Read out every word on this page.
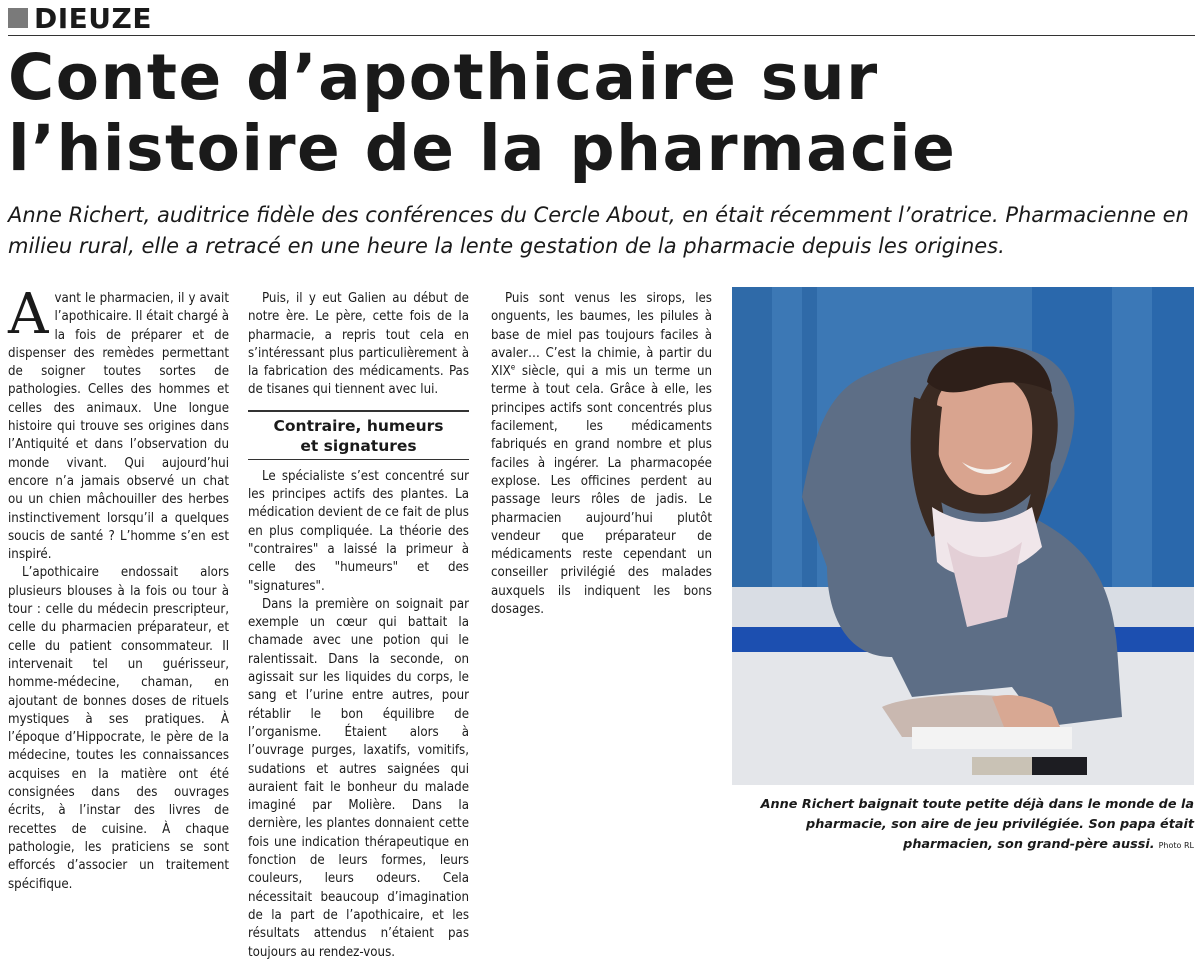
DIEUZE
Conte d’apothicaire sur
l’histoire de la pharmacie
Anne Richert, auditrice fidèle des conférences du Cercle About, en était récemment l’oratrice. Pharmacienne en milieu rural, elle a retracé en une heure la lente gestation de la pharmacie depuis les origines.

Avant le pharmacien, il y avait l’apothicaire. Il était chargé à la fois de préparer et de dispenser des remèdes permettant de soigner toutes sortes de pathologies. Celles des hommes et celles des animaux. Une longue histoire qui trouve ses origines dans l’Antiquité et dans l’observation du monde vivant. Qui aujourd’hui encore n’a jamais observé un chat ou un chien mâchouiller des herbes instinctivement lorsqu’il a quelques soucis de santé ? L’homme s’en est inspiré.

L’apothicaire endossait alors plusieurs blouses à la fois ou tour à tour : celle du médecin prescripteur, celle du pharmacien préparateur, et celle du patient consommateur. Il intervenait tel un guérisseur, homme-médecine, chaman, en ajoutant de bonnes doses de rituels mystiques à ses pratiques. À l’époque d’Hippocrate, le père de la médecine, toutes les connaissances acquises en la matière ont été consignées dans des ouvrages écrits, à l’instar des livres de recettes de cuisine. À chaque pathologie, les praticiens se sont efforcés d’associer un traitement spécifique.

Puis, il y eut Galien au début de notre ère. Le père, cette fois de la pharmacie, a repris tout cela en s’intéressant plus particulièrement à la fabrication des médicaments. Pas de tisanes qui tiennent avec lui.

Contraire, humeurs
et signatures

Le spécialiste s’est concentré sur les principes actifs des plantes. La médication devient de ce fait de plus en plus compliquée. La théorie des "contraires" a laissé la primeur à celle des "humeurs" et des "signatures".

Dans la première on soignait par exemple un cœur qui battait la chamade avec une potion qui le ralentissait. Dans la seconde, on agissait sur les liquides du corps, le sang et l’urine entre autres, pour rétablir le bon équilibre de l’organisme. Étaient alors à l’ouvrage purges, laxatifs, vomitifs, sudations et autres saignées qui auraient fait le bonheur du malade imaginé par Molière. Dans la dernière, les plantes donnaient cette fois une indication thérapeutique en fonction de leurs formes, leurs couleurs, leurs odeurs. Cela nécessitait beaucoup d’imagination de la part de l’apothicaire, et les résultats attendus n’étaient pas toujours au rendez-vous.

Puis sont venus les sirops, les onguents, les baumes, les pilules à base de miel pas toujours faciles à avaler… C’est la chimie, à partir du XIXe siècle, qui a mis un terme un terme à tout cela. Grâce à elle, les principes actifs sont concentrés plus facilement, les médicaments fabriqués en grand nombre et plus faciles à ingérer. La pharmacopée explose. Les officines perdent au passage leurs rôles de jadis. Le pharmacien aujourd’hui plutôt vendeur que préparateur de médicaments reste cependant un conseiller privilégié des malades auxquels ils indiquent les bons dosages.

Anne Richert baignait toute petite déjà dans le monde de la pharmacie, son aire de jeu privilégiée. Son papa était pharmacien, son grand-père aussi. Photo RL
